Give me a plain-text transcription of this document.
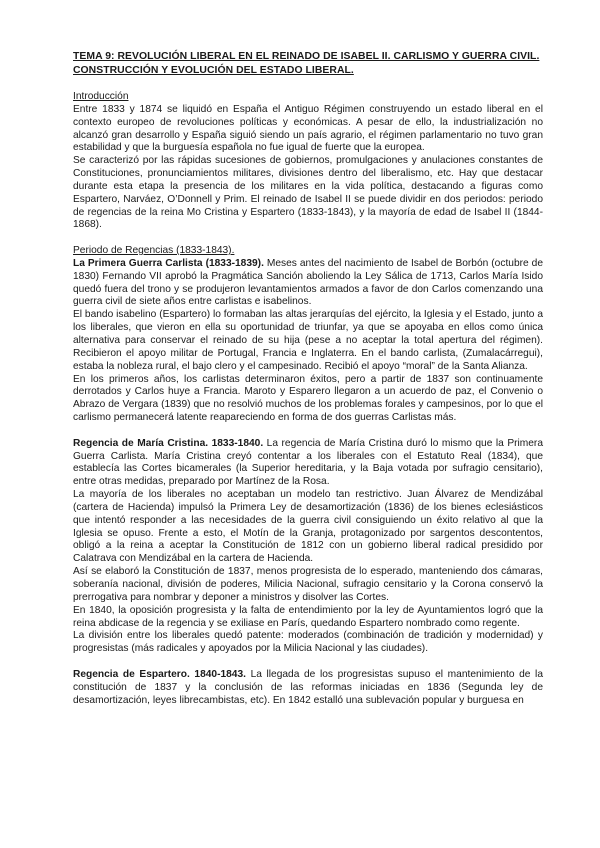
TEMA 9: REVOLUCIÓN LIBERAL EN EL REINADO DE ISABEL II. CARLISMO Y GUERRA CIVIL. CONSTRUCCIÓN Y EVOLUCIÓN DEL ESTADO LIBERAL.
Introducción

Entre 1833 y 1874 se liquidó en España el Antiguo Régimen construyendo un estado liberal en el contexto europeo de revoluciones políticas y económicas. A pesar de ello, la industrialización no alcanzó gran desarrollo y España siguió siendo un país agrario, el régimen parlamentario no tuvo gran estabilidad y que la burguesía española no fue igual de fuerte que la europea.

Se caracterizó por las rápidas sucesiones de gobiernos, promulgaciones y anulaciones constantes de Constituciones, pronunciamientos militares, divisiones dentro del liberalismo, etc. Hay que destacar durante esta etapa la presencia de los militares en la vida política, destacando a figuras como Espartero, Narváez, O’Donnell y Prim. El reinado de Isabel II se puede dividir en dos periodos: periodo de regencias de la reina Mo Cristina y Espartero (1833-1843), y la mayoría de edad de Isabel II (1844-1868).

Periodo de Regencias (1833-1843).

La Primera Guerra Carlista (1833-1839). Meses antes del nacimiento de Isabel de Borbón (octubre de 1830) Fernando VII aprobó la Pragmática Sanción aboliendo la Ley Sálica de 1713, Carlos María Isido quedó fuera del trono y se produjeron levantamientos armados a favor de don Carlos comenzando una guerra civil de siete años entre carlistas e isabelinos.

El bando isabelino (Espartero) lo formaban las altas jerarquías del ejército, la Iglesia y el Estado, junto a los liberales, que vieron en ella su oportunidad de triunfar, ya que se apoyaba en ellos como única alternativa para conservar el reinado de su hija (pese a no aceptar la total apertura del régimen). Recibieron el apoyo militar de Portugal, Francia e Inglaterra. En el bando carlista, (Zumalacárregui), estaba la nobleza rural, el bajo clero y el campesinado. Recibió el apoyo “moral” de la Santa Alianza.

En los primeros años, los carlistas determinaron éxitos, pero a partir de 1837 son continuamente derrotados y Carlos huye a Francia. Maroto y Esparero llegaron a un acuerdo de paz, el Convenio o Abrazo de Vergara (1839) que no resolvió muchos de los problemas forales y campesinos, por lo que el carlismo permanecerá latente reapareciendo en forma de dos guerras Carlistas más.

Regencia de María Cristina. 1833-1840. La regencia de María Cristina duró lo mismo que la Primera Guerra Carlista. María Cristina creyó contentar a los liberales con el Estatuto Real (1834), que establecía las Cortes bicamerales (la Superior hereditaria, y la Baja votada por sufragio censitario), entre otras medidas, preparado por Martínez de la Rosa.

La mayoría de los liberales no aceptaban un modelo tan restrictivo. Juan Álvarez de Mendizábal (cartera de Hacienda) impulsó la Primera Ley de desamortización (1836) de los bienes eclesiásticos que intentó responder a las necesidades de la guerra civil consiguiendo un éxito relativo al que la Iglesia se opuso. Frente a esto, el Motín de la Granja, protagonizado por sargentos descontentos, obligó a la reina a aceptar la Constitución de 1812 con un gobierno liberal radical presidido por Calatrava con Mendizábal en la cartera de Hacienda.

Así se elaboró la Constitución de 1837, menos progresista de lo esperado, manteniendo dos cámaras, soberanía nacional, división de poderes, Milicia Nacional, sufragio censitario y la Corona conservó la prerrogativa para nombrar y deponer a ministros y disolver las Cortes.

En 1840, la oposición progresista y la falta de entendimiento por la ley de Ayuntamientos logró que la reina abdicase de la regencia y se exiliase en París, quedando Espartero nombrado como regente.

La división entre los liberales quedó patente: moderados (combinación de tradición y modernidad) y progresistas (más radicales y apoyados por la Milicia Nacional y las ciudades).

Regencia de Espartero. 1840-1843. La llegada de los progresistas supuso el mantenimiento de la constitución de 1837 y la conclusión de las reformas iniciadas en 1836 (Segunda ley de desamortización, leyes librecambistas, etc). En 1842 estalló una sublevación popular y burguesa en
